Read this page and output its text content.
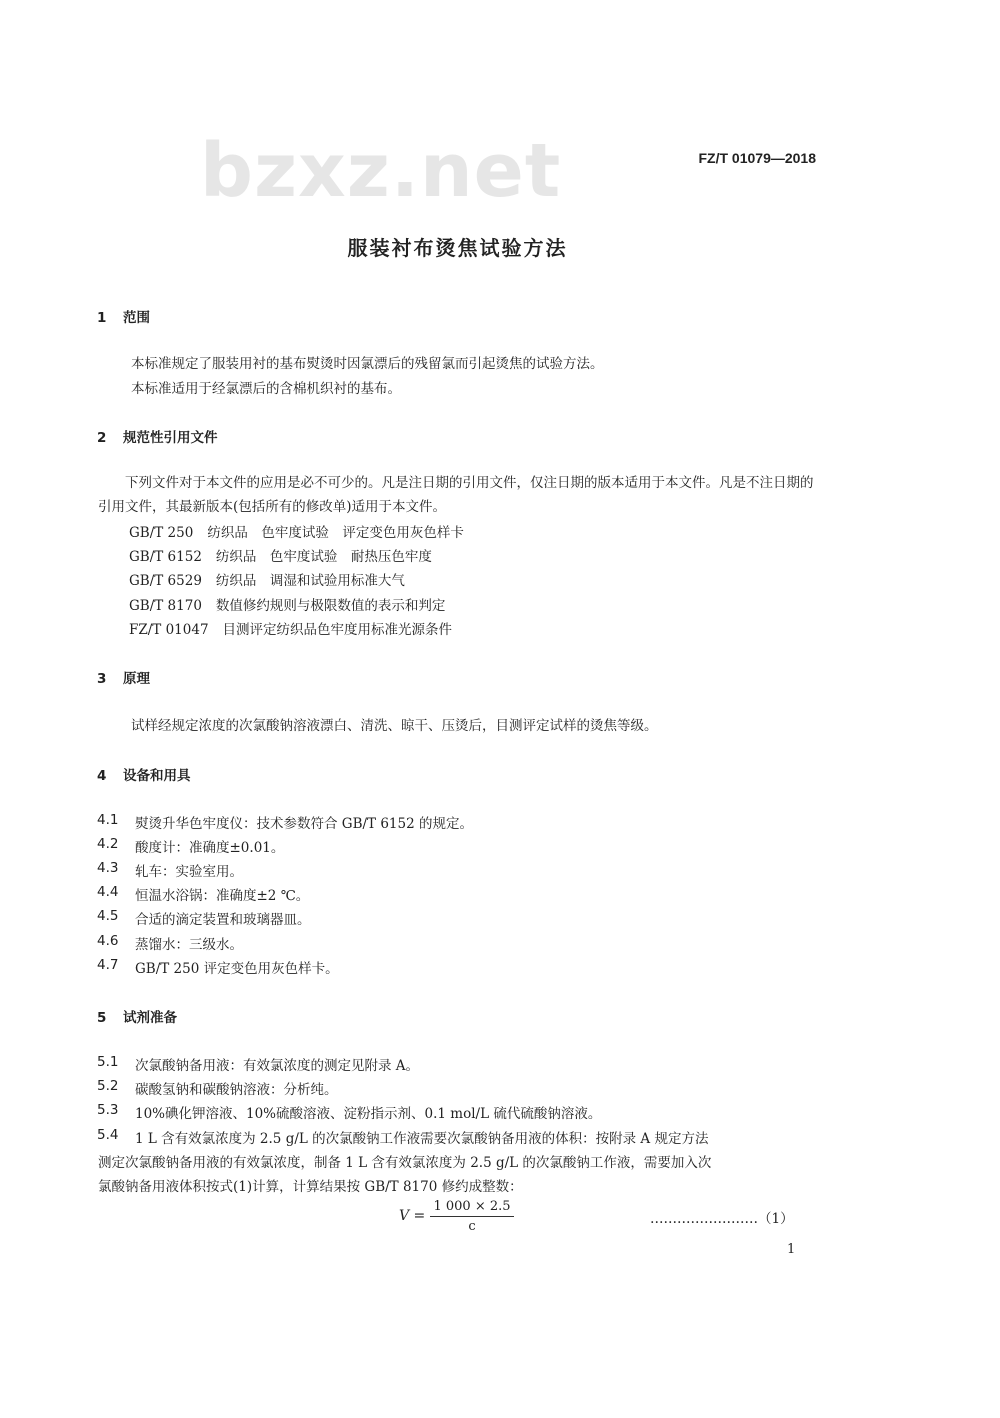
bzxz.net	FZ/T 01079—2018
服装衬布烫焦试验方法
1 范围
本标准规定了服装用衬的基布熨烫时因氯漂后的残留氯而引起烫焦的试验方法。
本标准适用于经氯漂后的含棉机织衬的基布。
2 规范性引用文件
下列文件对于本文件的应用是必不可少的。凡是注日期的引用文件，仅注日期的版本适用于本文件。凡是不注日期的引用文件，其最新版本(包括所有的修改单)适用于本文件。
GB/T 250 纺织品　色牢度试验　评定变色用灰色样卡
GB/T 6152 纺织品　色牢度试验　耐热压色牢度
GB/T 6529 纺织品　调湿和试验用标准大气
GB/T 8170 数值修约规则与极限数值的表示和判定
FZ/T 01047 目测评定纺织品色牢度用标准光源条件
3 原理
试样经规定浓度的次氯酸钠溶液漂白、清洗、晾干、压烫后，目测评定试样的烫焦等级。
4 设备和用具
4.1 熨烫升华色牢度仪：技术参数符合 GB/T 6152 的规定。
4.2 酸度计：准确度±0.01。
4.3 轧车：实验室用。
4.4 恒温水浴锅：准确度±2 ℃。
4.5 合适的滴定装置和玻璃器皿。
4.6 蒸馏水：三级水。
4.7 GB/T 250 评定变色用灰色样卡。
5 试剂准备
5.1 次氯酸钠备用液：有效氯浓度的测定见附录 A。
5.2 碳酸氢钠和碳酸钠溶液：分析纯。
5.3 10%碘化钾溶液、10%硫酸溶液、淀粉指示剂、0.1 mol/L 硫代硫酸钠溶液。
5.4 1 L 含有效氯浓度为 2.5 g/L 的次氯酸钠工作液需要次氯酸钠备用液的体积：按附录 A 规定方法
测定次氯酸钠备用液的有效氯浓度，制备 1 L 含有效氯浓度为 2.5 g/L 的次氯酸钠工作液，需要加入次
氯酸钠备用液体积按式(1)计算，计算结果按 GB/T 8170 修约成整数：
V =
1 000 × 2.5
c	……………………（1）
1
